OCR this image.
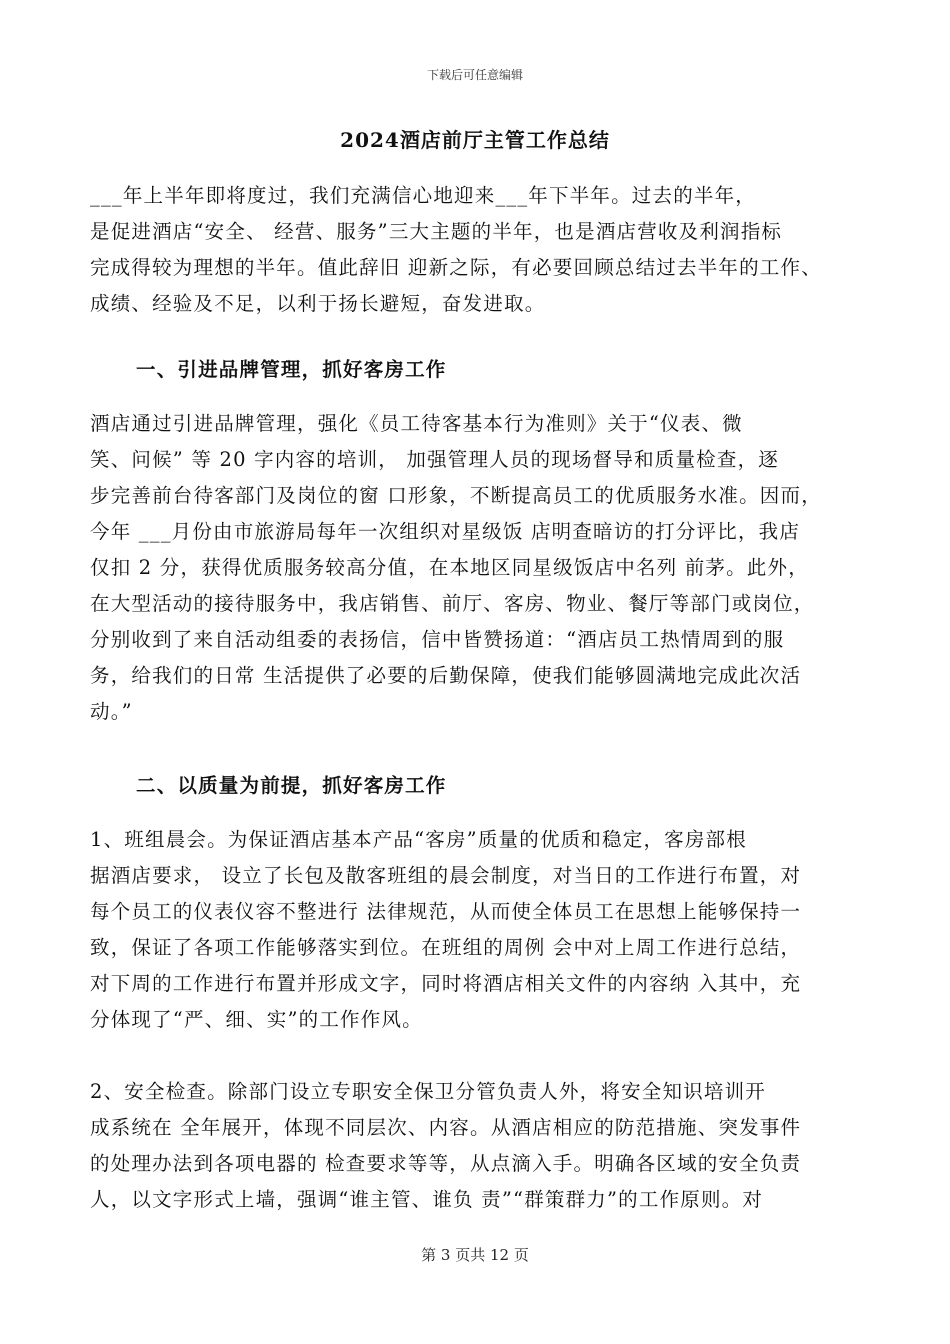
下载后可任意编辑
2024酒店前厅主管工作总结
___年上半年即将度过，我们充满信心地迎来___年下半年。过去的半年，
是促进酒店“安全、 经营、服务”三大主题的半年，也是酒店营收及利润指标
完成得较为理想的半年。值此辞旧 迎新之际，有必要回顾总结过去半年的工作、
成绩、经验及不足，以利于扬长避短，奋发进取。
一、引进品牌管理，抓好客房工作
酒店通过引进品牌管理，强化《员工待客基本行为准则》关于“仪表、微
笑、问候” 等 20 字内容的培训， 加强管理人员的现场督导和质量检查，逐
步完善前台待客部门及岗位的窗 口形象，不断提高员工的优质服务水准。因而，
今年 ___月份由市旅游局每年一次组织对星级饭 店明查暗访的打分评比，我店
仅扣 2 分，获得优质服务较高分值，在本地区同星级饭店中名列 前茅。此外，
在大型活动的接待服务中，我店销售、前厅、客房、物业、餐厅等部门或岗位，
分别收到了来自活动组委的表扬信，信中皆赞扬道：“酒店员工热情周到的服
务，给我们的日常 生活提供了必要的后勤保障，使我们能够圆满地完成此次活
动。”
二、以质量为前提，抓好客房工作
1、班组晨会。为保证酒店基本产品“客房”质量的优质和稳定，客房部根
据酒店要求， 设立了长包及散客班组的晨会制度，对当日的工作进行布置，对
每个员工的仪表仪容不整进行 法律规范，从而使全体员工在思想上能够保持一
致，保证了各项工作能够落实到位。在班组的周例 会中对上周工作进行总结，
对下周的工作进行布置并形成文字，同时将酒店相关文件的内容纳 入其中，充
分体现了“严、细、实”的工作作风。
2、安全检查。除部门设立专职安全保卫分管负责人外，将安全知识培训开
成系统在 全年展开，体现不同层次、内容。从酒店相应的防范措施、突发事件
的处理办法到各项电器的 检查要求等等，从点滴入手。明确各区域的安全负责
人，以文字形式上墙，强调“谁主管、谁负 责”“群策群力”的工作原则。对
第 3 页共 12 页
